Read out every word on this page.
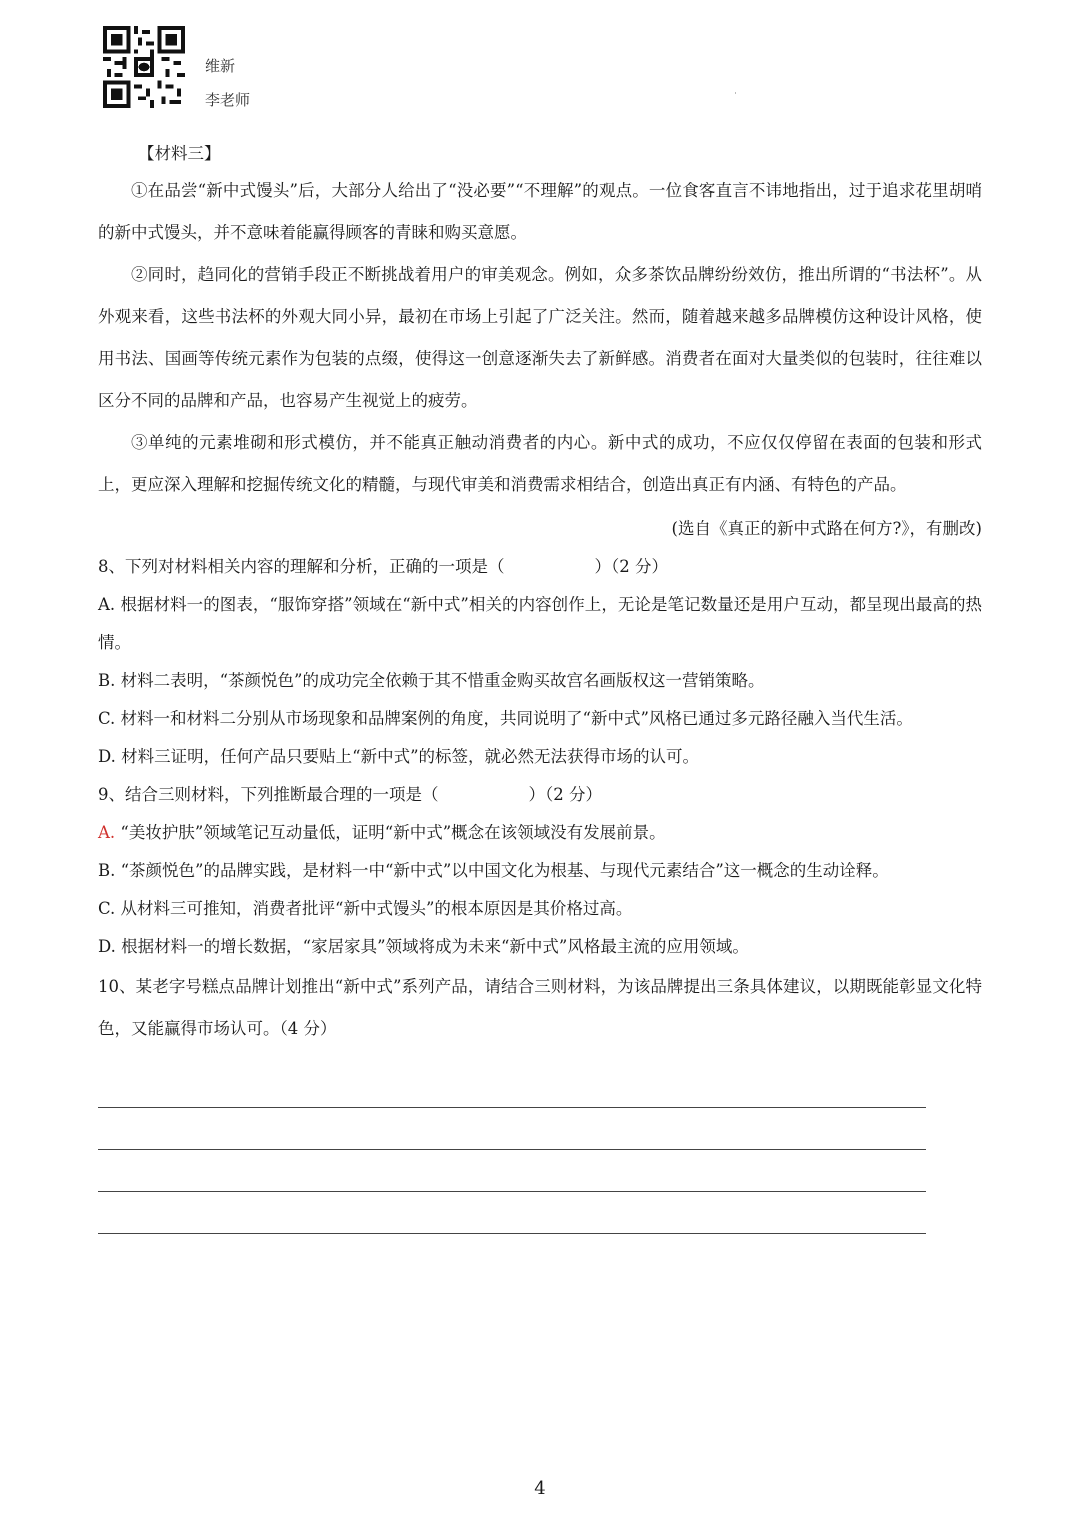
维新
李老师

【材料三】

①在品尝“新中式馒头”后，大部分人给出了“没必要”“不理解”的观点。一位食客直言不讳地指出，过于追求花里胡哨的新中式馒头，并不意味着能赢得顾客的青睐和购买意愿。

②同时，趋同化的营销手段正不断挑战着用户的审美观念。例如，众多茶饮品牌纷纷效仿，推出所谓的“书法杯”。从外观来看，这些书法杯的外观大同小异，最初在市场上引起了广泛关注。然而，随着越来越多品牌模仿这种设计风格，使用书法、国画等传统元素作为包装的点缀，使得这一创意逐渐失去了新鲜感。消费者在面对大量类似的包装时，往往难以区分不同的品牌和产品，也容易产生视觉上的疲劳。

③单纯的元素堆砌和形式模仿，并不能真正触动消费者的内心。新中式的成功，不应仅仅停留在表面的包装和形式上，更应深入理解和挖掘传统文化的精髓，与现代审美和消费需求相结合，创造出真正有内涵、有特色的产品。

(选自《真正的新中式路在何方?》，有删改)

8、下列对材料相关内容的理解和分析，正确的一项是（	）（2 分）

A. 根据材料一的图表，“服饰穿搭”领域在“新中式”相关的内容创作上，无论是笔记数量还是用户互动，都呈现出最高的热情。

B. 材料二表明，“茶颜悦色”的成功完全依赖于其不惜重金购买故宫名画版权这一营销策略。

C. 材料一和材料二分别从市场现象和品牌案例的角度，共同说明了“新中式”风格已通过多元路径融入当代生活。

D. 材料三证明，任何产品只要贴上“新中式”的标签，就必然无法获得市场的认可。

9、结合三则材料，下列推断最合理的一项是（	）（2 分）

A. “美妆护肤”领域笔记互动量低，证明“新中式”概念在该领域没有发展前景。

B. “茶颜悦色”的品牌实践，是材料一中“新中式”以中国文化为根基、与现代元素结合”这一概念的生动诠释。

C. 从材料三可推知，消费者批评“新中式馒头”的根本原因是其价格过高。

D. 根据材料一的增长数据，“家居家具”领域将成为未来“新中式”风格最主流的应用领域。

10、某老字号糕点品牌计划推出“新中式”系列产品，请结合三则材料，为该品牌提出三条具体建议，以期既能彰显文化特色，又能赢得市场认可。（4 分）

4
